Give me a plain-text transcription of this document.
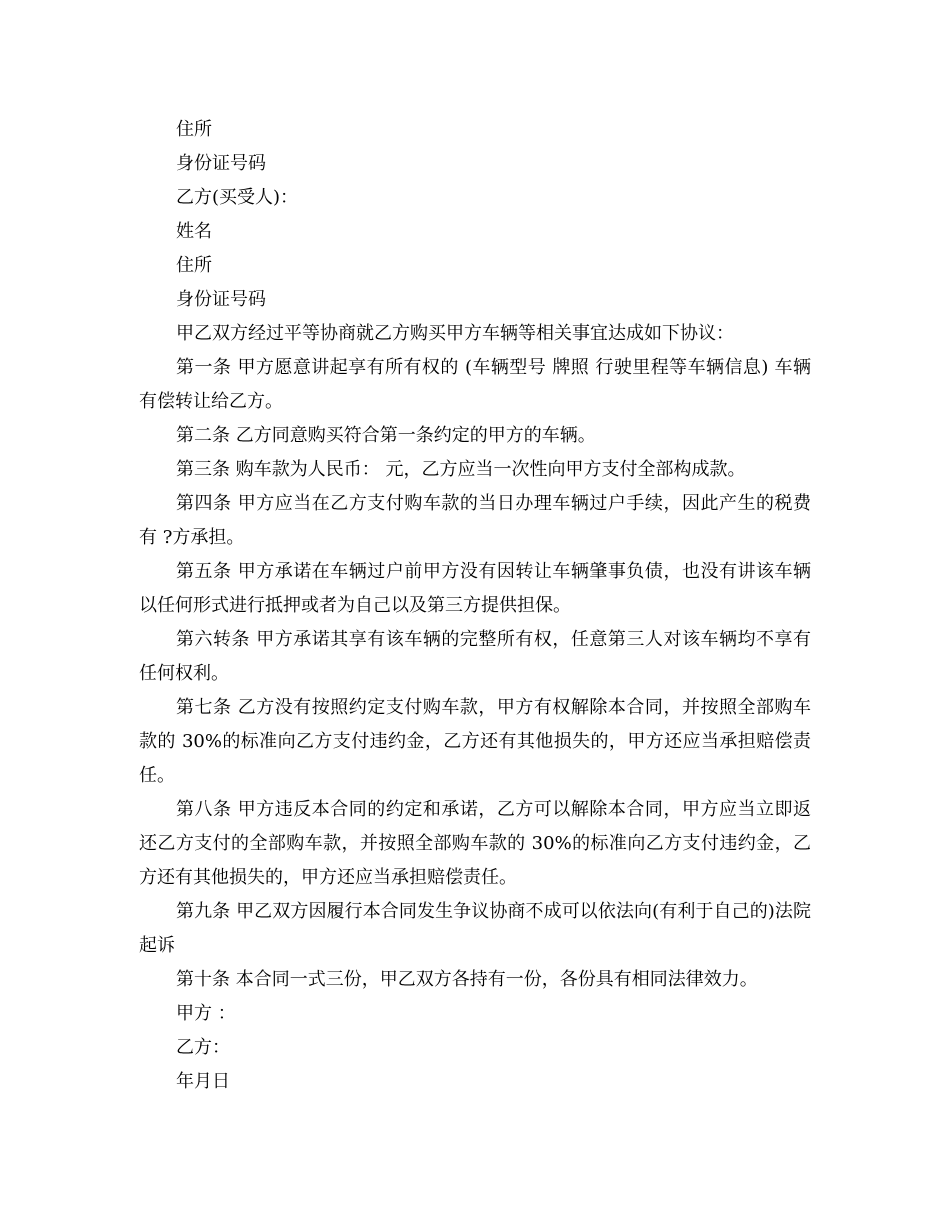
住所
身份证号码
乙方(买受人)：
姓名
住所
身份证号码
甲乙双方经过平等协商就乙方购买甲方车辆等相关事宜达成如下协议：

第一条 甲方愿意讲起享有所有权的 (车辆型号 牌照 行驶里程等车辆信息) 车辆有偿转让给乙方。

第二条 乙方同意购买符合第一条约定的甲方的车辆。

第三条 购车款为人民币： 元，乙方应当一次性向甲方支付全部构成款。

第四条 甲方应当在乙方支付购车款的当日办理车辆过户手续，因此产生的税费有 ?方承担。

第五条 甲方承诺在车辆过户前甲方没有因转让车辆肇事负债，也没有讲该车辆以任何形式进行抵押或者为自己以及第三方提供担保。

第六转条 甲方承诺其享有该车辆的完整所有权，任意第三人对该车辆均不享有任何权利。

第七条 乙方没有按照约定支付购车款，甲方有权解除本合同，并按照全部购车款的 30%的标准向乙方支付违约金，乙方还有其他损失的，甲方还应当承担赔偿责任。

第八条 甲方违反本合同的约定和承诺，乙方可以解除本合同，甲方应当立即返还乙方支付的全部购车款，并按照全部购车款的 30%的标准向乙方支付违约金，乙方还有其他损失的，甲方还应当承担赔偿责任。

第九条 甲乙双方因履行本合同发生争议协商不成可以依法向(有利于自己的)法院起诉

第十条 本合同一式三份，甲乙双方各持有一份，各份具有相同法律效力。

甲方 ：
乙方：
年月日
